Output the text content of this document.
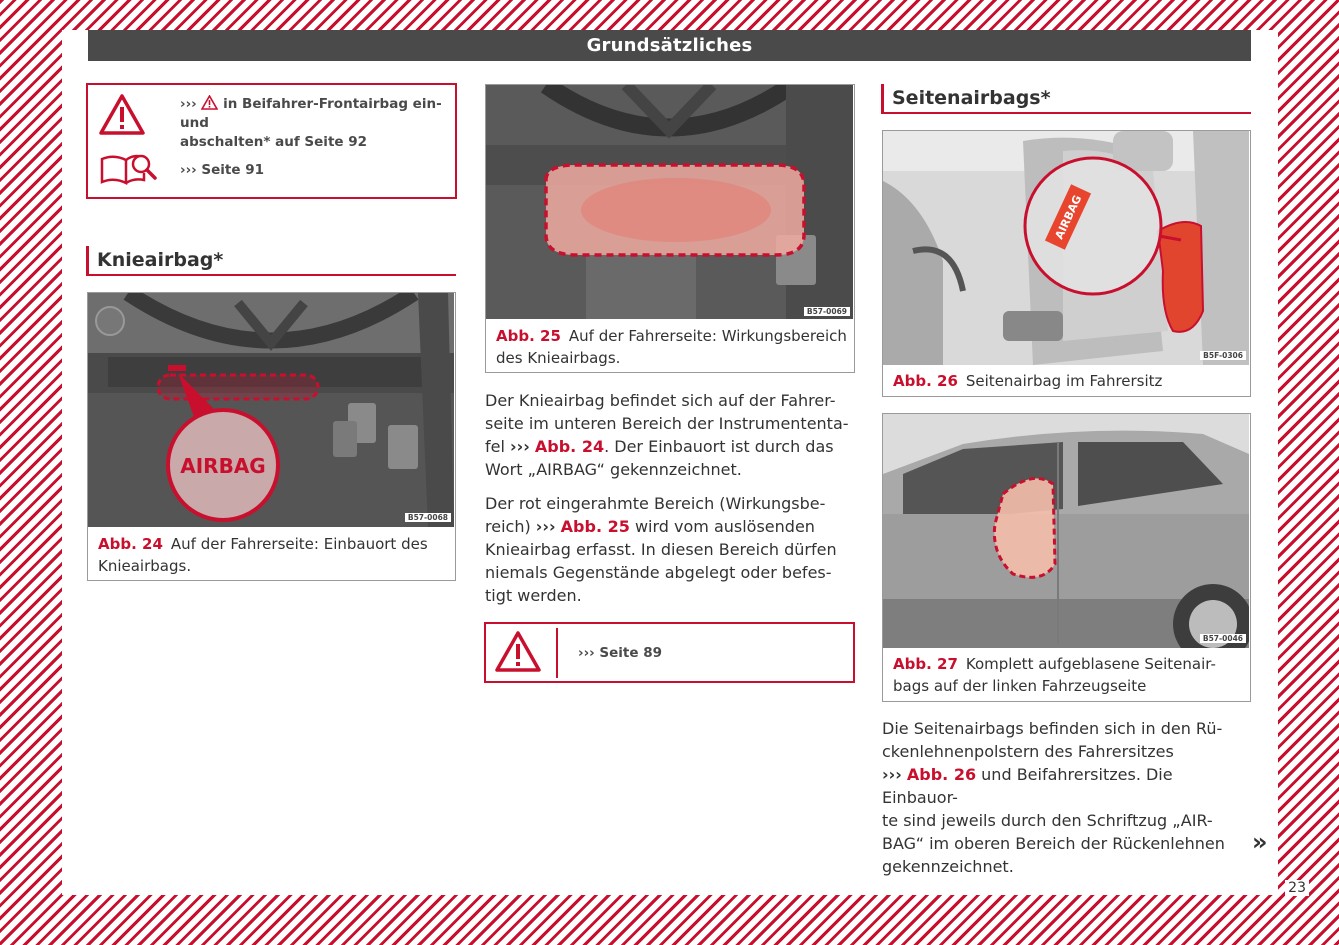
Grundsätzliches
››› in Beifahrer-Frontairbag ein- und
abschalten* auf Seite 92
››› Seite 91
Knieairbag*
AIRBAG
B57-0068
Abb. 24 Auf der Fahrerseite: Einbauort des
Knieairbags.
B57-0069
Abb. 25 Auf der Fahrerseite: Wirkungsbereich
des Knieairbags.
Der Knieairbag befindet sich auf der Fahrer-
seite im unteren Bereich der Instrumententa-
fel ››› Abb. 24. Der Einbauort ist durch das
Wort „AIRBAG“ gekennzeichnet.
Der rot eingerahmte Bereich (Wirkungsbe-
reich) ››› Abb. 25 wird vom auslösenden
Knieairbag erfasst. In diesen Bereich dürfen
niemals Gegenstände abgelegt oder befes-
tigt werden.
››› Seite 89
Seitenairbags*
AIRBAG
B5F-0306
Abb. 26 Seitenairbag im Fahrersitz
B57-0046
Abb. 27 Komplett aufgeblasene Seitenair-
bags auf der linken Fahrzeugseite
Die Seitenairbags befinden sich in den Rü-
ckenlehnenpolstern des Fahrersitzes
››› Abb. 26 und Beifahrersitzes. Die Einbauor-
te sind jeweils durch den Schriftzug „AIR-
BAG“ im oberen Bereich der Rückenlehnen
gekennzeichnet.
»
23
